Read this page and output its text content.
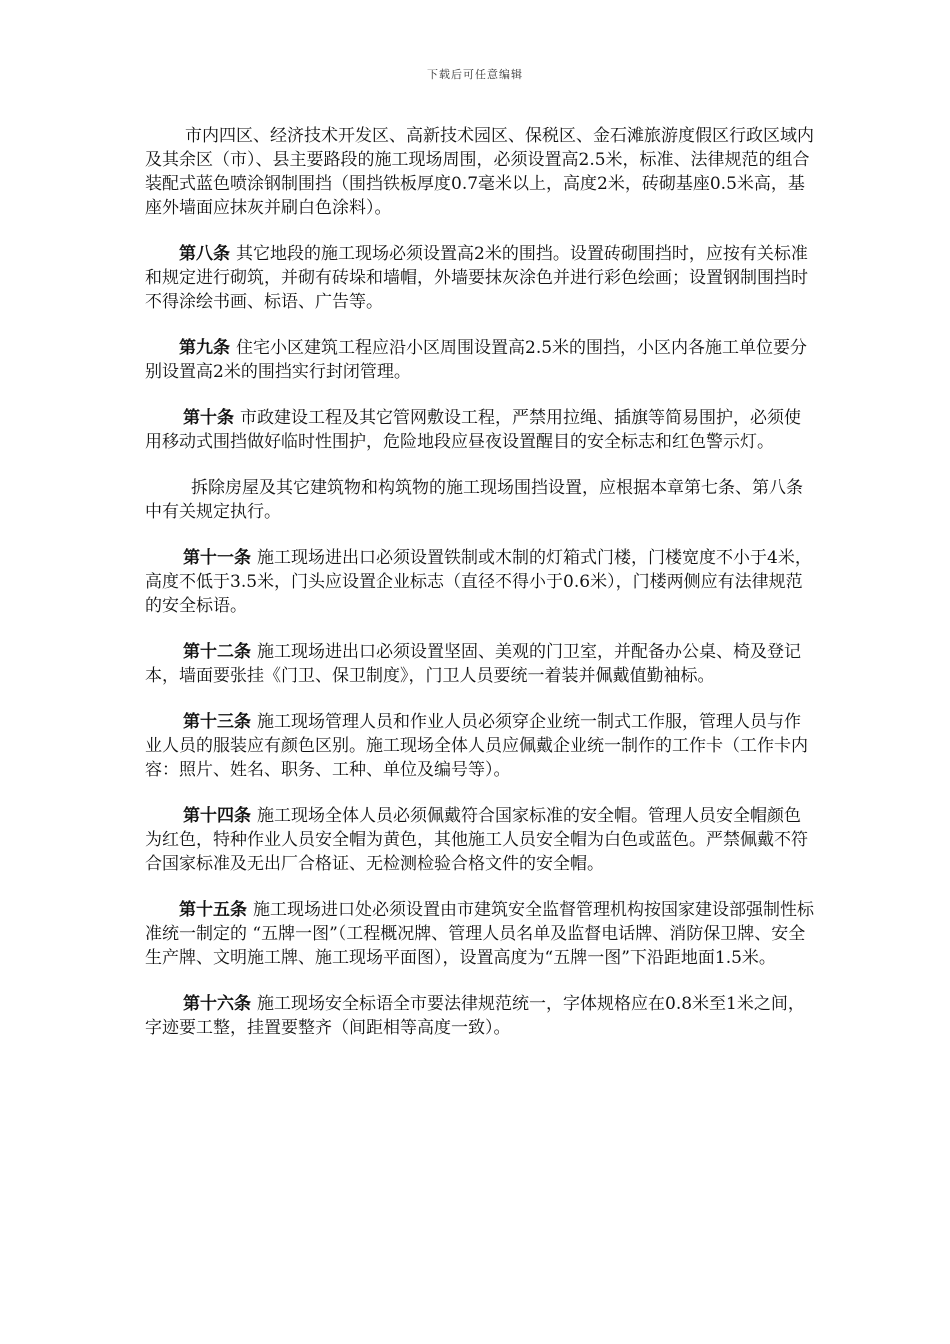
下载后可任意编辑

市内四区、经济技术开发区、高新技术园区、保税区、金石滩旅游度假区行政区域内及其余区（市）、县主要路段的施工现场周围，必须设置高2.5米，标准、法律规范的组合装配式蓝色喷涂钢制围挡（围挡铁板厚度0.7毫米以上，高度2米，砖砌基座0.5米高，基座外墙面应抹灰并刷白色涂料）。

第八条 其它地段的施工现场必须设置高2米的围挡。设置砖砌围挡时，应按有关标准和规定进行砌筑，并砌有砖垛和墙帽，外墙要抹灰涂色并进行彩色绘画；设置钢制围挡时不得涂绘书画、标语、广告等。

第九条 住宅小区建筑工程应沿小区周围设置高2.5米的围挡，小区内各施工单位要分别设置高2米的围挡实行封闭管理。

第十条 市政建设工程及其它管网敷设工程，严禁用拉绳、插旗等简易围护，必须使用移动式围挡做好临时性围护，危险地段应昼夜设置醒目的安全标志和红色警示灯。

拆除房屋及其它建筑物和构筑物的施工现场围挡设置，应根据本章第七条、第八条中有关规定执行。

第十一条 施工现场进出口必须设置铁制或木制的灯箱式门楼，门楼宽度不小于4米，高度不低于3.5米，门头应设置企业标志（直径不得小于0.6米），门楼两侧应有法律规范的安全标语。

第十二条 施工现场进出口必须设置坚固、美观的门卫室，并配备办公桌、椅及登记本，墙面要张挂《门卫、保卫制度》，门卫人员要统一着装并佩戴值勤袖标。

第十三条 施工现场管理人员和作业人员必须穿企业统一制式工作服，管理人员与作业人员的服装应有颜色区别。施工现场全体人员应佩戴企业统一制作的工作卡（工作卡内容：照片、姓名、职务、工种、单位及编号等）。

第十四条 施工现场全体人员必须佩戴符合国家标准的安全帽。管理人员安全帽颜色为红色，特种作业人员安全帽为黄色，其他施工人员安全帽为白色或蓝色。严禁佩戴不符合国家标准及无出厂合格证、无检测检验合格文件的安全帽。

第十五条 施工现场进口处必须设置由市建筑安全监督管理机构按国家建设部强制性标准统一制定的 “五牌一图”（工程概况牌、管理人员名单及监督电话牌、消防保卫牌、安全生产牌、文明施工牌、施工现场平面图），设置高度为“五牌一图”下沿距地面1.5米。

第十六条 施工现场安全标语全市要法律规范统一，字体规格应在0.8米至1米之间，字迹要工整，挂置要整齐（间距相等高度一致）。
